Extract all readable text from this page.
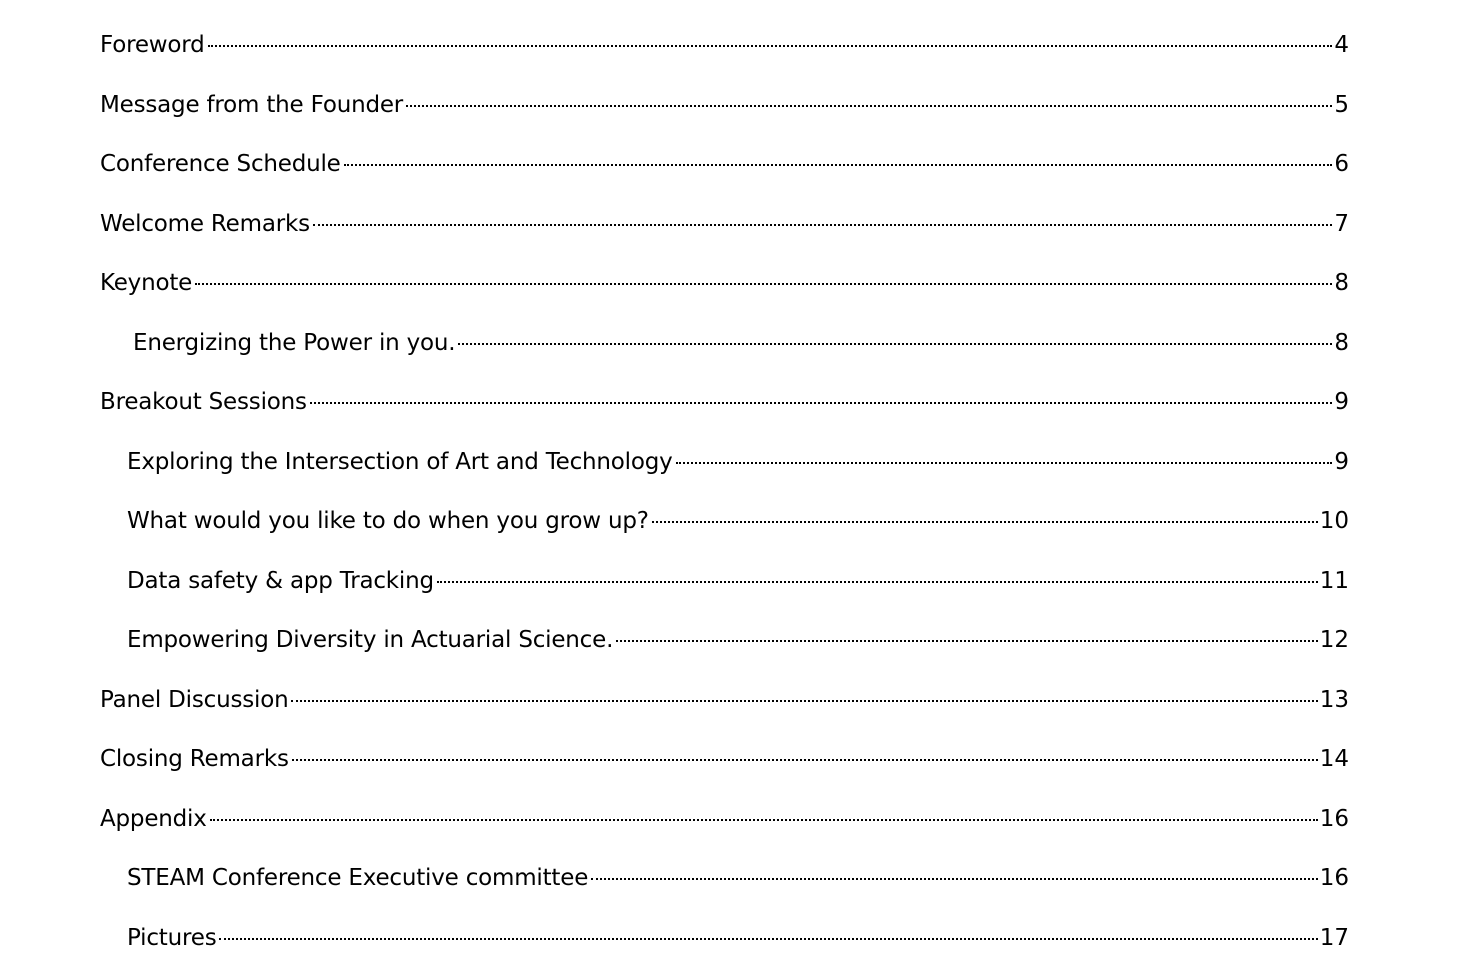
Foreword	4
Message from the Founder	5
Conference Schedule	6
Welcome Remarks	7
Keynote	8
Energizing the Power in you.	8
Breakout Sessions	9
Exploring the Intersection of Art and Technology	9
What would you like to do when you grow up?	10
Data safety & app Tracking	11
Empowering Diversity in Actuarial Science.	12
Panel Discussion	13
Closing Remarks	14
Appendix	16
STEAM Conference Executive committee	16
Pictures	17
